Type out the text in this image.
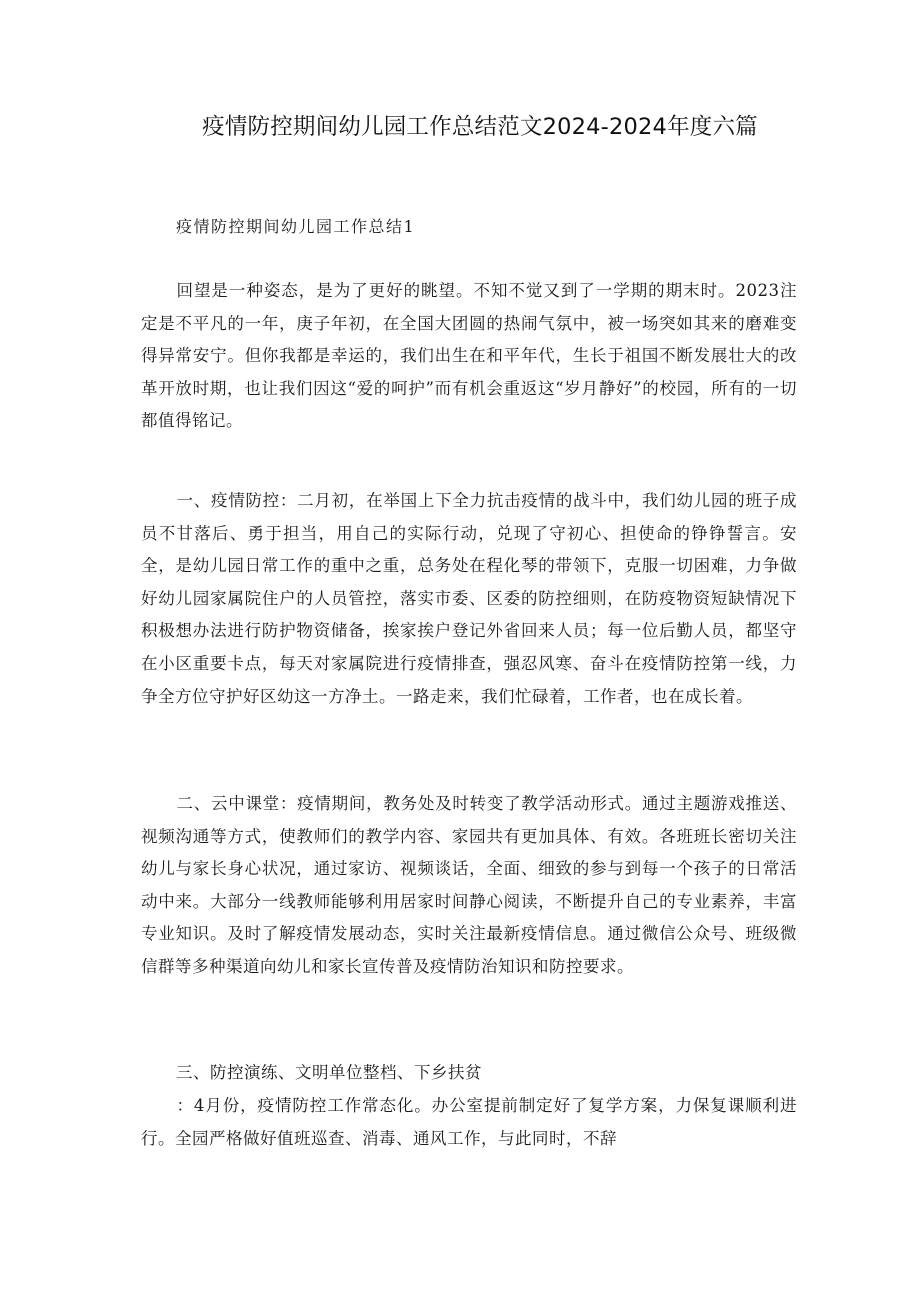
疫情防控期间幼儿园工作总结范文2024-2024年度六篇

疫情防控期间幼儿园工作总结1

回望是一种姿态，是为了更好的眺望。不知不觉又到了一学期的期末时。2023注定是不平凡的一年，庚子年初，在全国大团圆的热闹气氛中，被一场突如其来的磨难变得异常安宁。但你我都是幸运的，我们出生在和平年代，生长于祖国不断发展壮大的改革开放时期，也让我们因这“爱的呵护”而有机会重返这“岁月静好”的校园，所有的一切都值得铭记。

一、疫情防控：二月初，在举国上下全力抗击疫情的战斗中，我们幼儿园的班子成员不甘落后、勇于担当，用自己的实际行动，兑现了守初心、担使命的铮铮誓言。安全，是幼儿园日常工作的重中之重，总务处在程化琴的带领下，克服一切困难，力争做好幼儿园家属院住户的人员管控，落实市委、区委的防控细则，在防疫物资短缺情况下积极想办法进行防护物资储备，挨家挨户登记外省回来人员；每一位后勤人员，都坚守在小区重要卡点，每天对家属院进行疫情排查，强忍风寒、奋斗在疫情防控第一线，力争全方位守护好区幼这一方净土。一路走来，我们忙碌着，工作者，也在成长着。

二、云中课堂：疫情期间，教务处及时转变了教学活动形式。通过主题游戏推送、视频沟通等方式，使教师们的教学内容、家园共有更加具体、有效。各班班长密切关注幼儿与家长身心状况，通过家访、视频谈话，全面、细致的参与到每一个孩子的日常活动中来。大部分一线教师能够利用居家时间静心阅读，不断提升自己的专业素养，丰富专业知识。及时了解疫情发展动态，实时关注最新疫情信息。通过微信公众号、班级微信群等多种渠道向幼儿和家长宣传普及疫情防治知识和防控要求。

三、防控演练、文明单位整档、下乡扶贫

：4月份，疫情防控工作常态化。办公室提前制定好了复学方案，力保复课顺利进行。全园严格做好值班巡查、消毒、通风工作，与此同时，不辞
